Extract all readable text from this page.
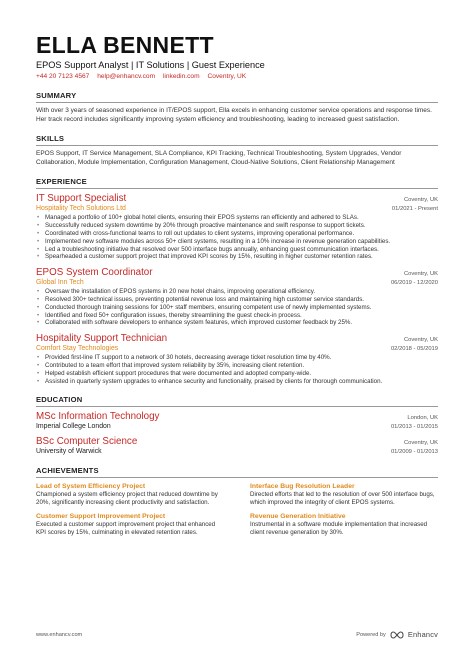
ELLA BENNETT
EPOS Support Analyst | IT Solutions | Guest Experience
+44 20 7123 4567 help@enhancv.com linkedin.com Coventry, UK
SUMMARY
With over 3 years of seasoned experience in IT/EPOS support, Ella excels in enhancing customer service operations and response times. Her track record includes significantly improving system efficiency and troubleshooting, leading to increased guest satisfaction.
SKILLS
EPOS Support, IT Service Management, SLA Compliance, KPI Tracking, Technical Troubleshooting, System Upgrades, Vendor Collaboration, Module Implementation, Configuration Management, Cloud-Native Solutions, Client Relationship Management
EXPERIENCE
IT Support Specialist	Coventry, UK
Hospitality Tech Solutions Ltd	01/2021 - Present
• Managed a portfolio of 100+ global hotel clients, ensuring their EPOS systems ran efficiently and adhered to SLAs.
• Successfully reduced system downtime by 20% through proactive maintenance and swift response to support tickets.
• Coordinated with cross-functional teams to roll out updates to client systems, improving operational performance.
• Implemented new software modules across 50+ client systems, resulting in a 10% increase in revenue generation capabilities.
• Led a troubleshooting initiative that resolved over 500 interface bugs annually, enhancing guest communication interfaces.
• Spearheaded a customer support project that improved KPI scores by 15%, resulting in higher customer retention rates.
EPOS System Coordinator	Coventry, UK
Global Inn Tech	06/2019 - 12/2020
• Oversaw the installation of EPOS systems in 20 new hotel chains, improving operational efficiency.
• Resolved 300+ technical issues, preventing potential revenue loss and maintaining high customer service standards.
• Conducted thorough training sessions for 100+ staff members, ensuring competent use of newly implemented systems.
• Identified and fixed 50+ configuration issues, thereby streamlining the guest check-in process.
• Collaborated with software developers to enhance system features, which improved customer feedback by 25%.
Hospitality Support Technician	Coventry, UK
Comfort Stay Technologies	02/2018 - 05/2019
• Provided first-line IT support to a network of 30 hotels, decreasing average ticket resolution time by 40%.
• Contributed to a team effort that improved system reliability by 35%, increasing client retention.
• Helped establish efficient support procedures that were documented and adopted company-wide.
• Assisted in quarterly system upgrades to enhance security and functionality, praised by clients for thorough communication.
EDUCATION
MSc Information Technology	London, UK
Imperial College London	01/2013 - 01/2015
BSc Computer Science	Coventry, UK
University of Warwick	01/2009 - 01/2013
ACHIEVEMENTS
Lead of System Efficiency Project
Championed a system efficiency project that reduced downtime by 20%, significantly increasing client productivity and satisfaction.
Interface Bug Resolution Leader
Directed efforts that led to the resolution of over 500 interface bugs, which improved the integrity of client EPOS systems.
Customer Support Improvement Project
Executed a customer support improvement project that enhanced KPI scores by 15%, culminating in elevated retention rates.
Revenue Generation Initiative
Instrumental in a software module implementation that increased client revenue generation by 30%.
www.enhancv.com	Powered by	Enhancv
